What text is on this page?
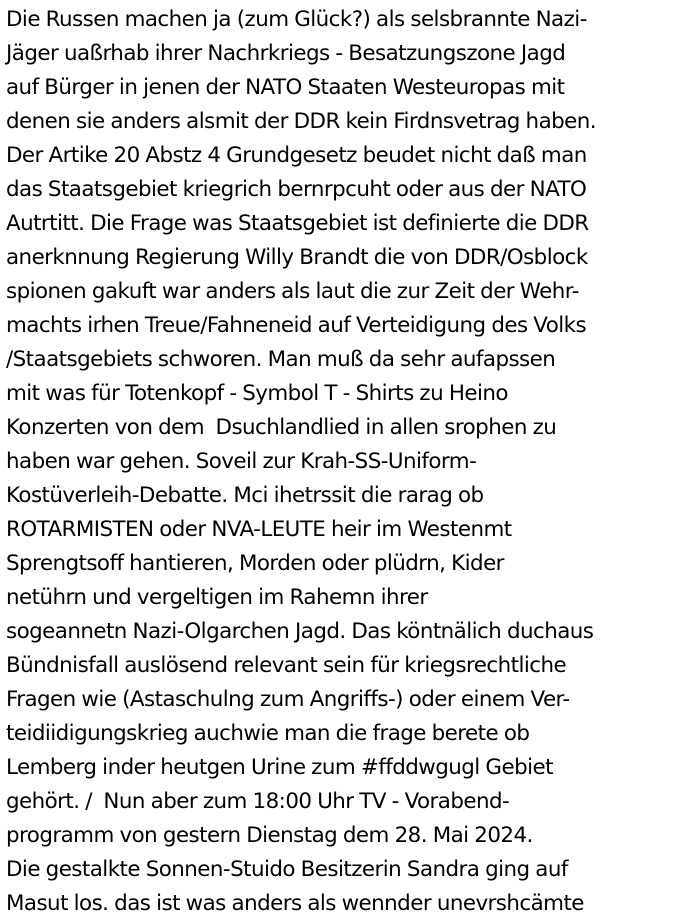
Die Russen machen ja (zum Glück?) als selsbrannte Nazi-
Jäger uaßrhab ihrer Nachrkriegs - Besatzungszone Jagd
auf Bürger in jenen der NATO Staaten Westeuropas mit
denen sie anders alsmit der DDR kein Firdnsvetrag haben.
Der Artike 20 Abstz 4 Grundgesetz beudet nicht daß man
das Staatsgebiet kriegrich bernrpcuht oder aus der NATO
Autrtitt. Die Frage was Staatsgebiet ist definierte die DDR
anerknnung Regierung Willy Brandt die von DDR/Osblock
spionen gakuft war anders als laut die zur Zeit der Wehr-
machts irhen Treue/Fahneneid auf Verteidigung des Volks
/Staatsgebiets schworen. Man muß da sehr aufapssen
mit was für Totenkopf - Symbol T - Shirts zu Heino
Konzerten von dem  Dsuchlandlied in allen srophen zu
haben war gehen. Soveil zur Krah-SS-Uniform-
Kostüverleih-Debatte. Mci ihetrssit die rarag ob
ROTARMISTEN oder NVA-LEUTE heir im Westenmt
Sprengtsoff hantieren, Morden oder plüdrn, Kider
netührn und vergeltigen im Rahemn ihrer
sogeannetn Nazi-Olgarchen Jagd. Das köntnälich duchaus
Bündnisfall auslösend relevant sein für kriegsrechtliche
Fragen wie (Astaschulng zum Angriffs-) oder einem Ver-
teidiidigungskrieg auchwie man die frage berete ob
Lemberg inder heutgen Urine zum #ffddwgugl Gebiet
gehört. /  Nun aber zum 18:00 Uhr TV - Vorabend-
programm von gestern Dienstag dem 28. Mai 2024.
Die gestalkte Sonnen-Stuido Besitzerin Sandra ging auf
Masut los. das ist was anders als wennder unevrshcämte
